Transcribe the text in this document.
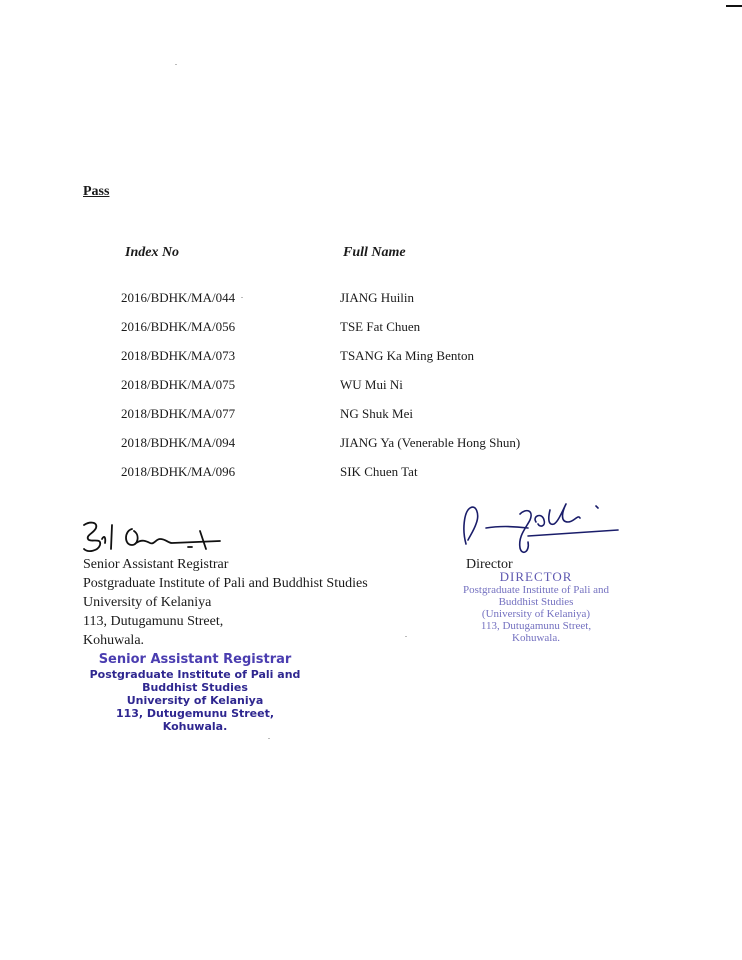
Pass
Index No	Full Name
2016/BDHK/MA/044	JIANG Huilin
2016/BDHK/MA/056	TSE Fat Chuen
2018/BDHK/MA/073	TSANG Ka Ming Benton
2018/BDHK/MA/075	WU Mui Ni
2018/BDHK/MA/077	NG Shuk Mei
2018/BDHK/MA/094	JIANG Ya (Venerable Hong Shun)
2018/BDHK/MA/096	SIK Chuen Tat
Senior Assistant Registrar
Postgraduate Institute of Pali and Buddhist Studies
University of Kelaniya
113, Dutugamunu Street,
Kohuwala.
Director
DIRECTOR
Postgraduate Institute of Pali and
Buddhist Studies
(University of Kelaniya)
113, Dutugamunu Street,
Kohuwala.
Senior Assistant Registrar
Postgraduate Institute of Pali and
Buddhist Studies
University of Kelaniya
113, Dutugemunu Street,
Kohuwala.
